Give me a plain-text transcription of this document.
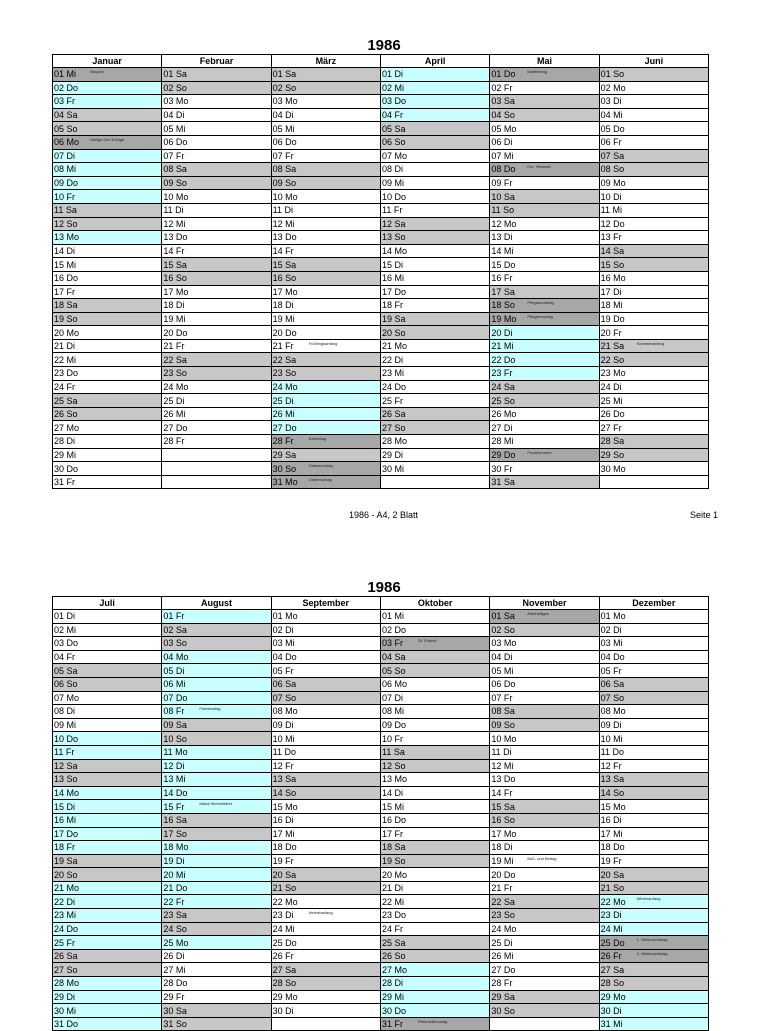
1986
Januar	Februar	März	April	Mai	Juni
01 Mi Neujahr	01 Sa	01 Sa	01 Di	01 Do Maifeiertag	01 So
02 Do	02 So	02 So	02 Mi	02 Fr	02 Mo
03 Fr	03 Mo	03 Mo	03 Do	03 Sa	03 Di
04 Sa	04 Di	04 Di	04 Fr	04 So	04 Mi
05 So	05 Mi	05 Mi	05 Sa	05 Mo	05 Do
06 Mo Heilige Drei Könige	06 Do	06 Do	06 So	06 Di	06 Fr
07 Di	07 Fr	07 Fr	07 Mo	07 Mi	07 Sa
08 Mi	08 Sa	08 Sa	08 Di	08 Do Chr. Himmelf.	08 So
09 Do	09 So	09 So	09 Mi	09 Fr	09 Mo
10 Fr	10 Mo	10 Mo	10 Do	10 Sa	10 Di
11 Sa	11 Di	11 Di	11 Fr	11 So	11 Mi
12 So	12 Mi	12 Mi	12 Sa	12 Mo	12 Do
13 Mo	13 Do	13 Do	13 So	13 Di	13 Fr
14 Di	14 Fr	14 Fr	14 Mo	14 Mi	14 Sa
15 Mi	15 Sa	15 Sa	15 Di	15 Do	15 So
16 Do	16 So	16 So	16 Mi	16 Fr	16 Mo
17 Fr	17 Mo	17 Mo	17 Do	17 Sa	17 Di
18 Sa	18 Di	18 Di	18 Fr	18 So Pfingstsonntag	18 Mi
19 So	19 Mi	19 Mi	19 Sa	19 Mo Pfingstmontag	19 Do
20 Mo	20 Do	20 Do	20 So	20 Di	20 Fr
21 Di	21 Fr	21 Fr Frühlingsanfang	21 Mo	21 Mi	21 Sa Sommeranfang

22 Mi	22 Sa	22 Sa	22 Di	22 Do	22 So
23 Do	23 So	23 So	23 Mi	23 Fr	23 Mo
24 Fr	24 Mo	24 Mo	24 Do	24 Sa	24 Di
25 Sa	25 Di	25 Di	25 Fr	25 So	25 Mi
26 So	26 Mi	26 Mi	26 Sa	26 Mo	26 Do
27 Mo	27 Do	27 Do	27 So	27 Di	27 Fr
28 Di	28 Fr	28 Fr Karfreitag	28 Mo	28 Mi	28 Sa
29 Mi		29 Sa	29 Di	29 Do Fronleichnam	29 So
30 Do		30 So Ostersonntag	30 Mi	30 Fr	30 Mo
31 Fr		31 Mo Ostermontag		31 Sa	
1986 - A4, 2 Blatt	Seite 1
1986
Juli	August	September	Oktober	November	Dezember
01 Di	01 Fr	01 Mo	01 Mi	01 Sa Allerheiligen	01 Mo
02 Mi	02 Sa	02 Di	02 Do	02 So	02 Di
03 Do	03 So	03 Mi	03 Fr Dt. Einheit	03 Mo	03 Mi
04 Fr	04 Mo	04 Do	04 Sa	04 Di	04 Do
05 Sa	05 Di	05 Fr	05 So	05 Mi	05 Fr
06 So	06 Mi	06 Sa	06 Mo	06 Do	06 Sa
07 Mo	07 Do	07 So	07 Di	07 Fr	07 So
08 Di	08 Fr Friedenstag	08 Mo	08 Mi	08 Sa	08 Mo
09 Mi	09 Sa	09 Di	09 Do	09 So	09 Di
10 Do	10 So	10 Mi	10 Fr	10 Mo	10 Mi
11 Fr	11 Mo	11 Do	11 Sa	11 Di	11 Do
12 Sa	12 Di	12 Fr	12 So	12 Mi	12 Fr
13 So	13 Mi	13 Sa	13 Mo	13 Do	13 Sa
14 Mo	14 Do	14 So	14 Di	14 Fr	14 So
15 Di	15 Fr Maria Himmelfahrt	15 Mo	15 Mi	15 Sa	15 Mo
16 Mi	16 Sa	16 Di	16 Do	16 So	16 Di
17 Do	17 So	17 Mi	17 Fr	17 Mo	17 Mi
18 Fr	18 Mo	18 Do	18 Sa	18 Di	18 Do
19 Sa	19 Di	19 Fr	19 So	19 Mi Buß- und Bettag	19 Fr
20 So	20 Mi	20 Sa	20 Mo	20 Do	20 Sa
21 Mo	21 Do	21 So	21 Di	21 Fr	21 So
22 Di	22 Fr	22 Mo	22 Mi	22 Sa	22 Mo Winteranfang

23 Mi	23 Sa	23 Di Herbstanfang	23 Do	23 So	23 Di
24 Do	24 So	24 Mi	24 Fr	24 Mo	24 Mi
25 Fr	25 Mo	25 Do	25 Sa	25 Di	25 Do 1. Weihnachtstag

26 Sa	26 Di	26 Fr	26 So	26 Mi	26 Fr 2. Weihnachtstag

27 So	27 Mi	27 Sa	27 Mo	27 Do	27 Sa
28 Mo	28 Do	28 So	28 Di	28 Fr	28 So
29 Di	29 Fr	29 Mo	29 Mi	29 Sa	29 Mo
30 Mi	30 Sa	30 Di	30 Do	30 So	30 Di
31 Do	31 So		31 Fr Reformationstag		31 Mi
